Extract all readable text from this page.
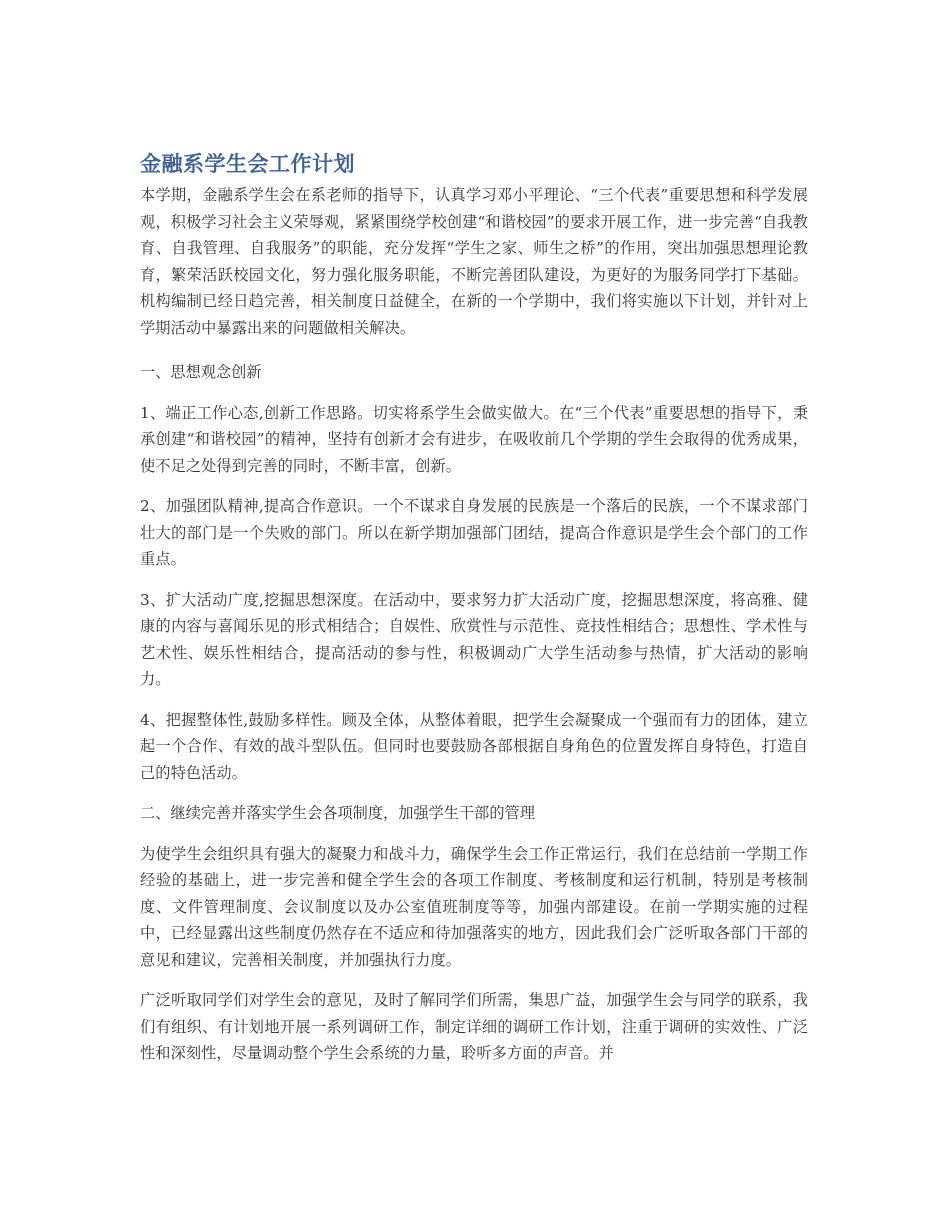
金融系学生会工作计划

本学期，金融系学生会在系老师的指导下，认真学习邓小平理论、“三个代表”重要思想和科学发展观，积极学习社会主义荣辱观，紧紧围绕学校创建“和谐校园”的要求开展工作，进一步完善“自我教育、自我管理、自我服务”的职能，充分发挥“学生之家、师生之桥”的作用，突出加强思想理论教育，繁荣活跃校园文化，努力强化服务职能，不断完善团队建设，为更好的为服务同学打下基础。机构编制已经日趋完善，相关制度日益健全，在新的一个学期中，我们将实施以下计划，并针对上学期活动中暴露出来的问题做相关解决。

一、思想观念创新

1、端正工作心态,创新工作思路。切实将系学生会做实做大。在“三个代表”重要思想的指导下，秉承创建“和谐校园”的精神，坚持有创新才会有进步，在吸收前几个学期的学生会取得的优秀成果，使不足之处得到完善的同时，不断丰富，创新。

2、加强团队精神,提高合作意识。一个不谋求自身发展的民族是一个落后的民族，一个不谋求部门壮大的部门是一个失败的部门。所以在新学期加强部门团结，提高合作意识是学生会个部门的工作重点。

3、扩大活动广度,挖掘思想深度。在活动中，要求努力扩大活动广度，挖掘思想深度，将高雅、健康的内容与喜闻乐见的形式相结合；自娱性、欣赏性与示范性、竞技性相结合；思想性、学术性与艺术性、娱乐性相结合，提高活动的参与性，积极调动广大学生活动参与热情，扩大活动的影响力。

4、把握整体性,鼓励多样性。顾及全体，从整体着眼，把学生会凝聚成一个强而有力的团体，建立起一个合作、有效的战斗型队伍。但同时也要鼓励各部根据自身角色的位置发挥自身特色，打造自己的特色活动。

二、继续完善并落实学生会各项制度，加强学生干部的管理

为使学生会组织具有强大的凝聚力和战斗力，确保学生会工作正常运行，我们在总结前一学期工作经验的基础上，进一步完善和健全学生会的各项工作制度、考核制度和运行机制，特别是考核制度、文件管理制度、会议制度以及办公室值班制度等等，加强内部建设。在前一学期实施的过程中，已经显露出这些制度仍然存在不适应和待加强落实的地方，因此我们会广泛听取各部门干部的意见和建议，完善相关制度，并加强执行力度。

广泛听取同学们对学生会的意见，及时了解同学们所需，集思广益，加强学生会与同学的联系，我们有组织、有计划地开展一系列调研工作，制定详细的调研工作计划，注重于调研的实效性、广泛性和深刻性，尽量调动整个学生会系统的力量，聆听多方面的声音。并
